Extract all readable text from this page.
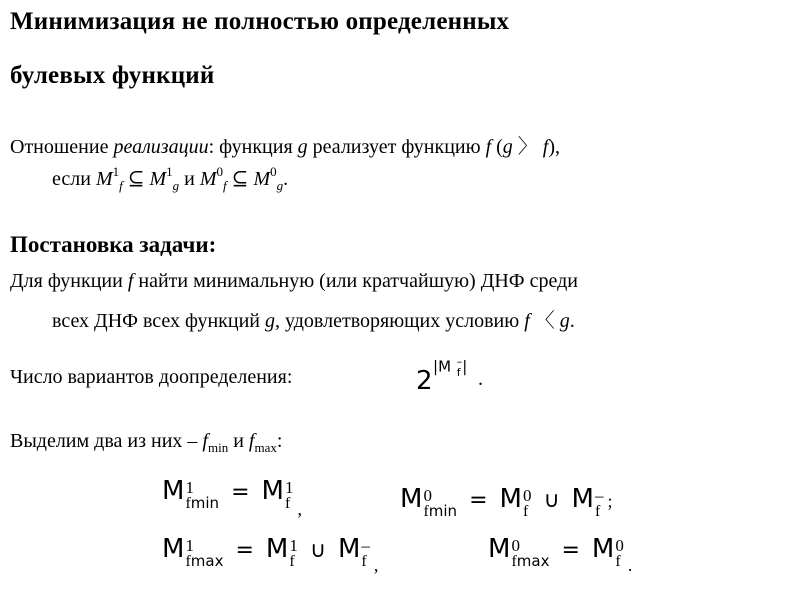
Минимизация не полностью определенных
булевых функций
Отношение реализации: функция g реализует функцию f (g 〉 f),
если $M^1_f$ ⊆ $M^1_g$ и $M^0_f$ ⊆ $M^0_g$.
Постановка задачи:
Для функции f найти минимальную (или кратчайшую) ДНФ среди
всех ДНФ всех функций g, удовлетворяющих условию f 〈 g.
Число вариантов доопределения:	2 |M –
f |
.
Выделим два из них – $f_{min}$ и $f_{max}$:
M 1
fmin = M 1
f ,	M 0
fmin = M 0
f ∪ M –
f
;
M 1
fmax = M 1
f ∪ M –
f ,
M 0
fmax = M 0
f .
